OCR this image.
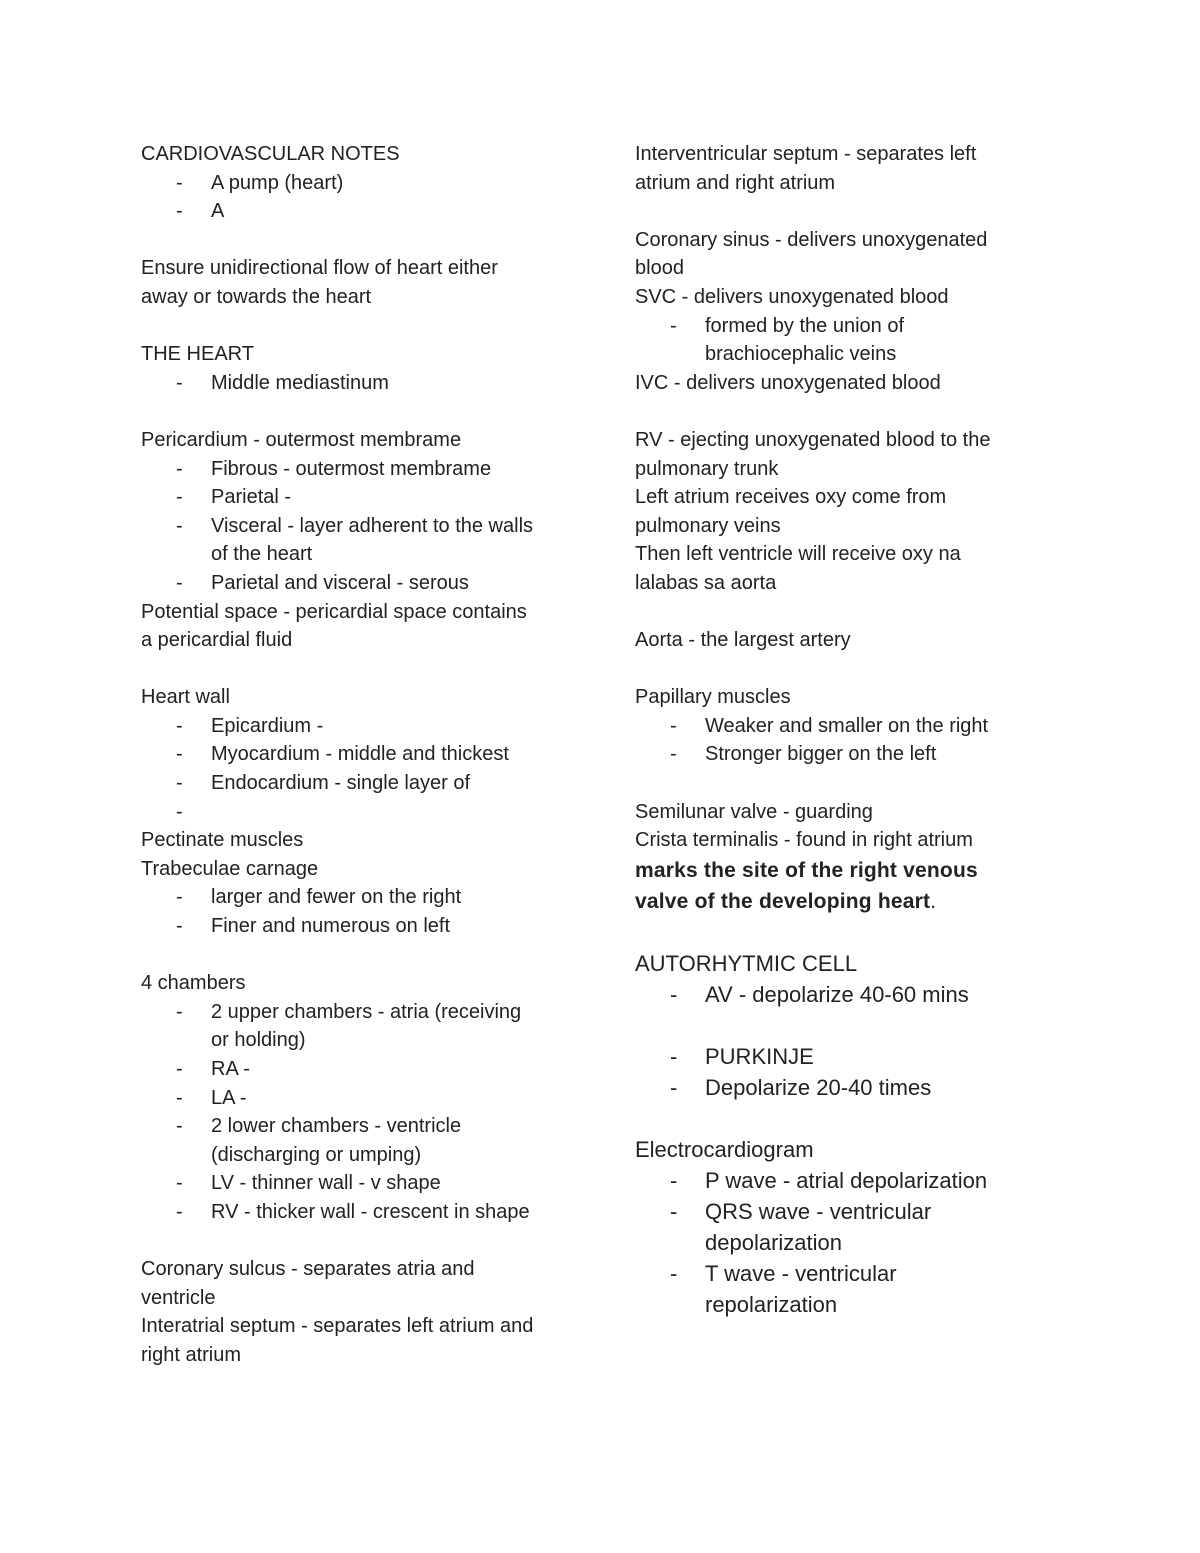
CARDIOVASCULAR NOTES
- A pump (heart)
- A
Ensure unidirectional flow of heart either
away or towards the heart
THE HEART
- Middle mediastinum
Pericardium - outermost membrame
- Fibrous - outermost membrame
- Parietal -
- Visceral - layer adherent to the walls
of the heart
- Parietal and visceral - serous
Potential space - pericardial space contains
a pericardial fluid
Heart wall
- Epicardium -
- Myocardium - middle and thickest
- Endocardium - single layer of
-

Pectinate muscles
Trabeculae carnage
- larger and fewer on the right
- Finer and numerous on left
4 chambers
- 2 upper chambers - atria (receiving
or holding)
- RA -
- LA -
- 2 lower chambers - ventricle
(discharging or umping)
- LV - thinner wall - v shape
- RV - thicker wall - crescent in shape
Coronary sulcus - separates atria and
ventricle
Interatrial septum - separates left atrium and
right atrium
Interventricular septum - separates left
atrium and right atrium
Coronary sinus - delivers unoxygenated
blood
SVC - delivers unoxygenated blood
- formed by the union of
brachiocephalic veins
IVC - delivers unoxygenated blood
RV - ejecting unoxygenated blood to the
pulmonary trunk
Left atrium receives oxy come from
pulmonary veins
Then left ventricle will receive oxy na
lalabas sa aorta
Aorta - the largest artery
Papillary muscles
- Weaker and smaller on the right
- Stronger bigger on the left
Semilunar valve - guarding
Crista terminalis - found in right atrium
marks the site of the right venous
valve of the developing heart.
AUTORHYTMIC CELL
- AV - depolarize 40-60 mins
- PURKINJE
- Depolarize 20-40 times
Electrocardiogram
- P wave - atrial depolarization
- QRS wave - ventricular
depolarization
- T wave - ventricular
repolarization
